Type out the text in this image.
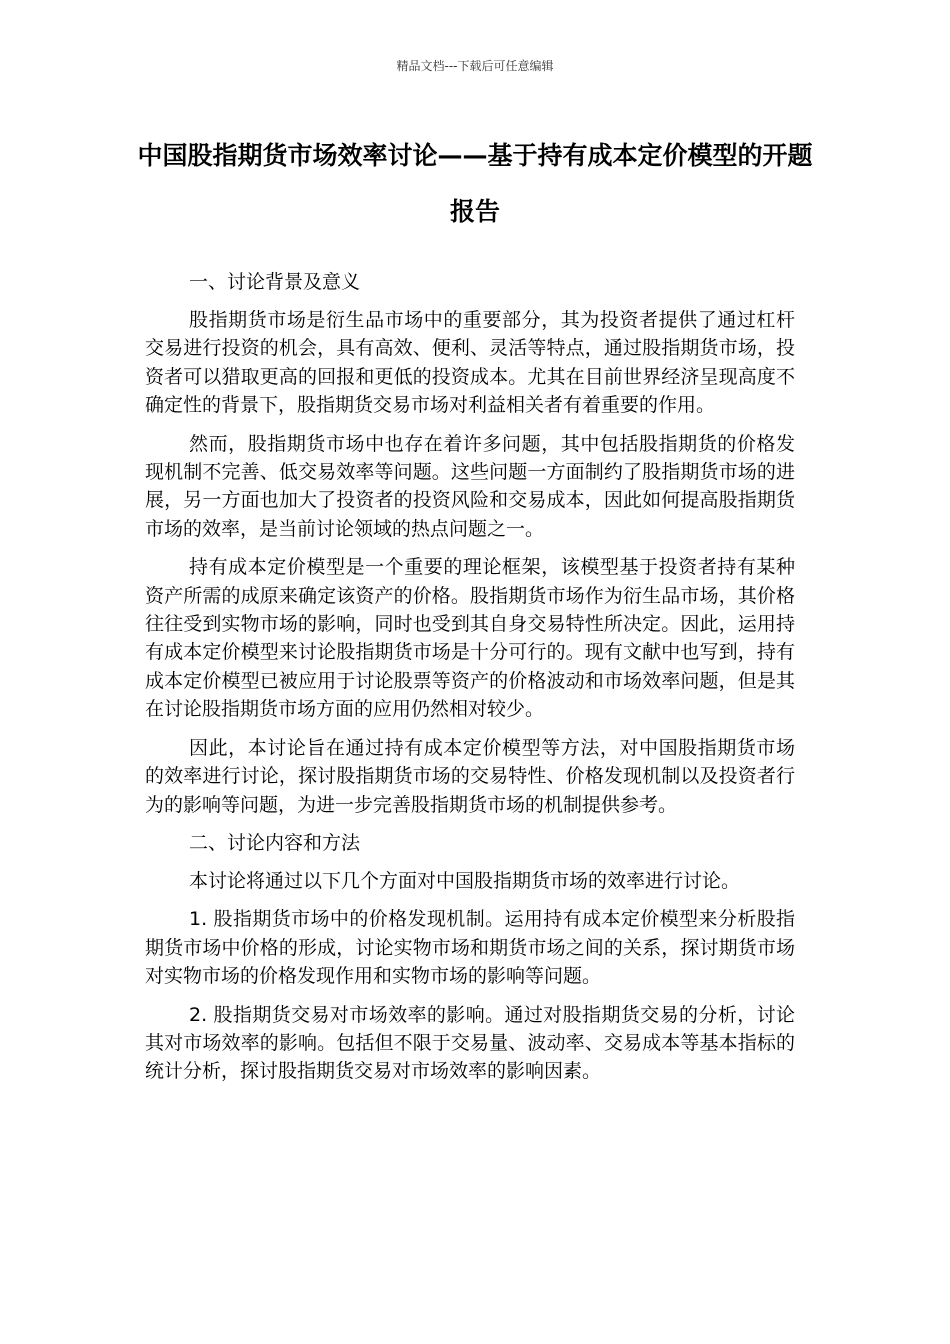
精品文档---下载后可任意编辑
中国股指期货市场效率讨论——基于持有成本定价模型的开题报告

一、讨论背景及意义

股指期货市场是衍生品市场中的重要部分，其为投资者提供了通过杠杆交易进行投资的机会，具有高效、便利、灵活等特点，通过股指期货市场，投资者可以猎取更高的回报和更低的投资成本。尤其在目前世界经济呈现高度不确定性的背景下，股指期货交易市场对利益相关者有着重要的作用。

然而，股指期货市场中也存在着许多问题，其中包括股指期货的价格发现机制不完善、低交易效率等问题。这些问题一方面制约了股指期货市场的进展，另一方面也加大了投资者的投资风险和交易成本，因此如何提高股指期货市场的效率，是当前讨论领域的热点问题之一。

持有成本定价模型是一个重要的理论框架，该模型基于投资者持有某种资产所需的成原来确定该资产的价格。股指期货市场作为衍生品市场，其价格往往受到实物市场的影响，同时也受到其自身交易特性所决定。因此，运用持有成本定价模型来讨论股指期货市场是十分可行的。现有文献中也写到，持有成本定价模型已被应用于讨论股票等资产的价格波动和市场效率问题，但是其在讨论股指期货市场方面的应用仍然相对较少。

因此，本讨论旨在通过持有成本定价模型等方法，对中国股指期货市场的效率进行讨论，探讨股指期货市场的交易特性、价格发现机制以及投资者行为的影响等问题，为进一步完善股指期货市场的机制提供参考。

二、讨论内容和方法

本讨论将通过以下几个方面对中国股指期货市场的效率进行讨论。

1. 股指期货市场中的价格发现机制。运用持有成本定价模型来分析股指期货市场中价格的形成，讨论实物市场和期货市场之间的关系，探讨期货市场对实物市场的价格发现作用和实物市场的影响等问题。

2. 股指期货交易对市场效率的影响。通过对股指期货交易的分析，讨论其对市场效率的影响。包括但不限于交易量、波动率、交易成本等基本指标的统计分析，探讨股指期货交易对市场效率的影响因素。
